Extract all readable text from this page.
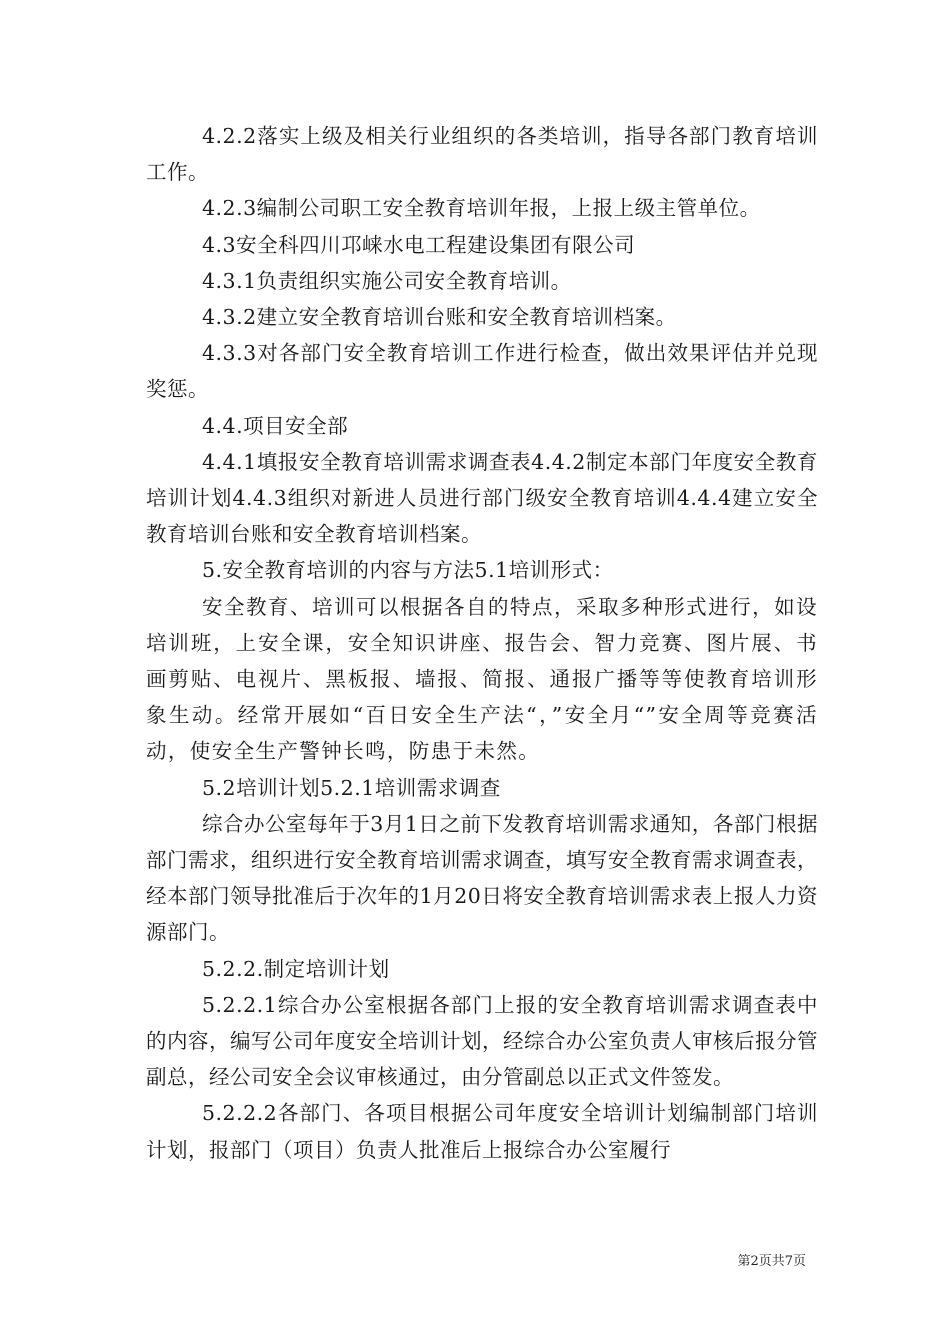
4.2.2落实上级及相关行业组织的各类培训，指导各部门教育培训工作。

4.2.3编制公司职工安全教育培训年报，上报上级主管单位。

4.3安全科四川邛崃水电工程建设集团有限公司

4.3.1负责组织实施公司安全教育培训。

4.3.2建立安全教育培训台账和安全教育培训档案。

4.3.3对各部门安全教育培训工作进行检查，做出效果评估并兑现奖惩。

4.4.项目安全部

4.4.1填报安全教育培训需求调查表4.4.2制定本部门年度安全教育培训计划4.4.3组织对新进人员进行部门级安全教育培训4.4.4建立安全教育培训台账和安全教育培训档案。

5.安全教育培训的内容与方法5.1培训形式：

安全教育、培训可以根据各自的特点，采取多种形式进行，如设培训班，上安全课，安全知识讲座、报告会、智力竞赛、图片展、书画剪贴、电视片、黑板报、墙报、简报、通报广播等等使教育培训形象生动。经常开展如“百日安全生产法“，”安全月“”安全周等竞赛活动，使安全生产警钟长鸣，防患于未然。

5.2培训计划5.2.1培训需求调查

综合办公室每年于3月1日之前下发教育培训需求通知，各部门根据部门需求，组织进行安全教育培训需求调查，填写安全教育需求调查表，经本部门领导批准后于次年的1月20日将安全教育培训需求表上报人力资源部门。

5.2.2.制定培训计划

5.2.2.1综合办公室根据各部门上报的安全教育培训需求调查表中的内容，编写公司年度安全培训计划，经综合办公室负责人审核后报分管副总，经公司安全会议审核通过，由分管副总以正式文件签发。

5.2.2.2各部门、各项目根据公司年度安全培训计划编制部门培训计划，报部门（项目）负责人批准后上报综合办公室履行

第2页共7页
